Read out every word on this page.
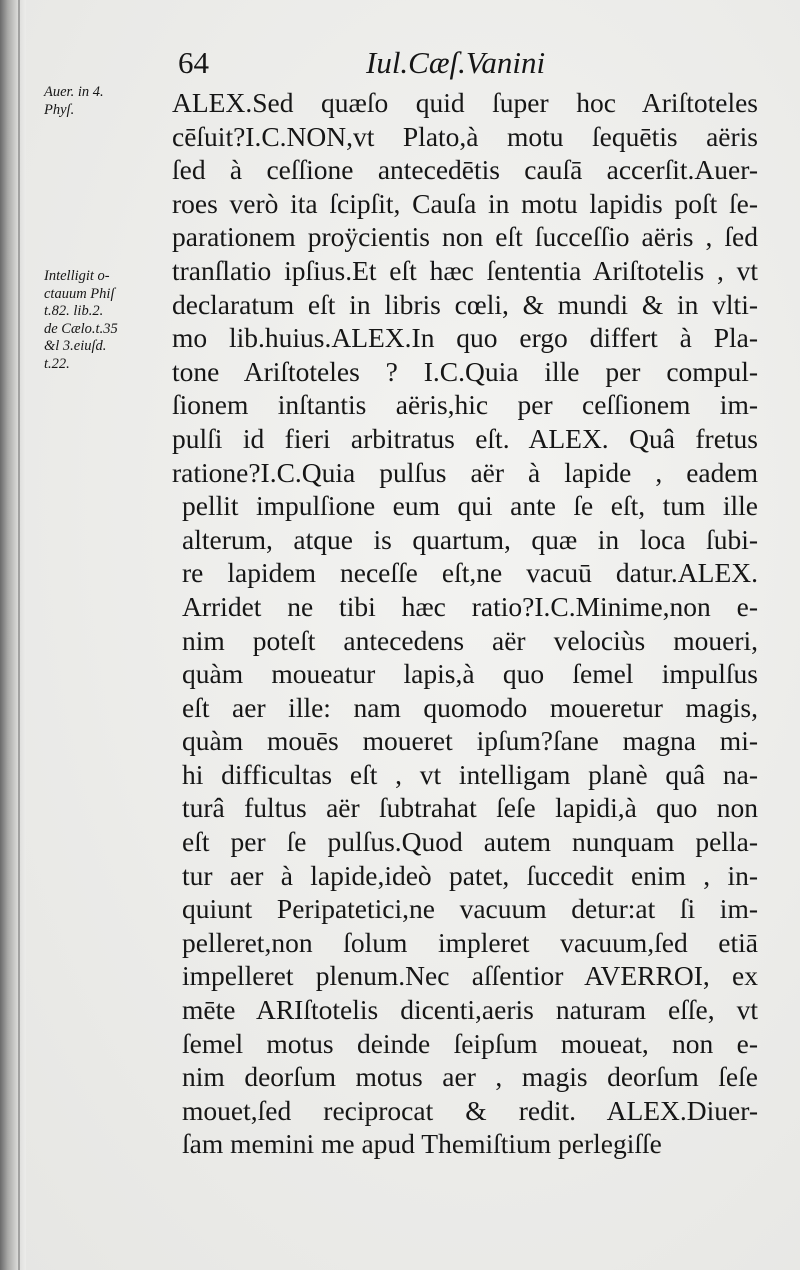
64	Iul.Cæſ.Vanini
Auer. in 4.
Phyſ.
Intelligit o-
ctauum Phiſ
t.82. lib.2.
de Cælo.t.35
&l 3.eiuſd.
t.22.
ALEX.Sed quæſo quid ſuper hoc Ariſtoteles
cēſuit?I.C.NON,vt Plato,à motu ſequētis aëris
ſed à ceſſione antecedētis cauſā accerſit.Auer-
roes verò ita ſcipſit, Cauſa in motu lapidis poſt ſe-
parationem proÿcientis non eſt ſucceſſio aëris , ſed
tranſlatio ipſius.Et eſt hæc ſententia Ariſtotelis , vt
declaratum eſt in libris cœli, & mundi & in vlti-
mo lib.huius.ALEX.In quo ergo differt à Pla-
tone Ariſtoteles ? I.C.Quia ille per compul-
ſionem inſtantis aëris,hic per ceſſionem im-
pulſi id fieri arbitratus eſt. ALEX. Quâ fretus
ratione?I.C.Quia pulſus aër à lapide , eadem
pellit impulſione eum qui ante ſe eſt, tum ille
alterum, atque is quartum, quæ in loca ſubi-
re lapidem neceſſe eſt,ne vacuū datur.ALEX.
Arridet ne tibi hæc ratio?I.C.Minime,non e-
nim poteſt antecedens aër velociùs moueri,
quàm moueatur lapis,à quo ſemel impulſus
eſt aer ille: nam quomodo moueretur magis,
quàm mouēs moueret ipſum?ſane magna mi-
hi difficultas eſt , vt intelligam planè quâ na-
turâ fultus aër ſubtrahat ſeſe lapidi,à quo non
eſt per ſe pulſus.Quod autem nunquam pella-
tur aer à lapide,ideò patet, ſuccedit enim , in-
quiunt Peripatetici,ne vacuum detur:at ſi im-
pelleret,non ſolum impleret vacuum,ſed etiā
impelleret plenum.Nec aſſentior AVERROI, ex
mēte ARIſtotelis dicenti,aeris naturam eſſe, vt
ſemel motus deinde ſeipſum moueat, non e-
nim deorſum motus aer , magis deorſum ſeſe
mouet,ſed reciprocat & redit. ALEX.Diuer-
ſam memini me apud Themiſtium perlegiſſe
